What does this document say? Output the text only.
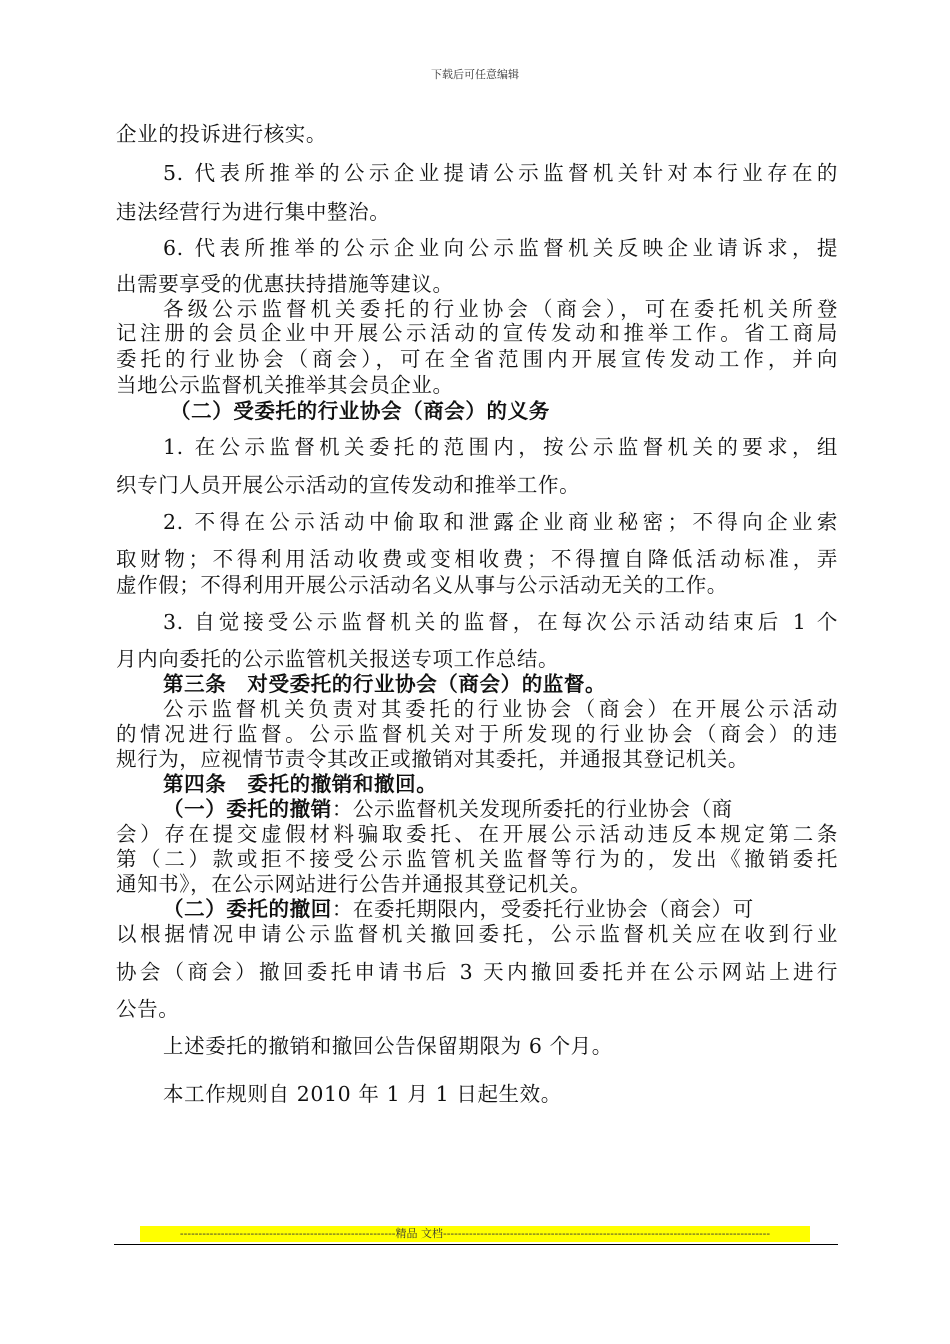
下载后可任意编辑
企业的投诉进行核实。
5. 代表所推举的公示企业提请公示监督机关针对本行业存在的
违法经营行为进行集中整治。
6. 代表所推举的公示企业向公示监督机关反映企业请诉求，提
出需要享受的优惠扶持措施等建议。
各级公示监督机关委托的行业协会（商会），可在委托机关所登
记注册的会员企业中开展公示活动的宣传发动和推举工作。省工商局
委托的行业协会（商会），可在全省范围内开展宣传发动工作，并向
当地公示监督机关推举其会员企业。
（二）受委托的行业协会（商会）的义务
1. 在公示监督机关委托的范围内，按公示监督机关的要求，组
织专门人员开展公示活动的宣传发动和推举工作。
2. 不得在公示活动中偷取和泄露企业商业秘密；不得向企业索
取财物；不得利用活动收费或变相收费；不得擅自降低活动标准，弄
虚作假；不得利用开展公示活动名义从事与公示活动无关的工作。
3. 自觉接受公示监督机关的监督，在每次公示活动结束后 1 个
月内向委托的公示监管机关报送专项工作总结。
第三条　对受委托的行业协会（商会）的监督。
公示监督机关负责对其委托的行业协会（商会）在开展公示活动
的情况进行监督。公示监督机关对于所发现的行业协会（商会）的违
规行为，应视情节责令其改正或撤销对其委托，并通报其登记机关。
第四条　委托的撤销和撤回。
（一）委托的撤销：公示监督机关发现所委托的行业协会（商
会）存在提交虚假材料骗取委托、在开展公示活动违反本规定第二条
第（二）款或拒不接受公示监管机关监督等行为的，发出《撤销委托
通知书》，在公示网站进行公告并通报其登记机关。
（二）委托的撤回：在委托期限内，受委托行业协会（商会）可
以根据情况申请公示监督机关撤回委托，公示监督机关应在收到行业
协会（商会）撤回委托申请书后 3 天内撤回委托并在公示网站上进行
公告。
上述委托的撤销和撤回公告保留期限为 6 个月。
本工作规则自 2010 年 1 月 1 日起生效。
----------------------------------------------------------精品 文档----------------------------------------------------------------------------------------
